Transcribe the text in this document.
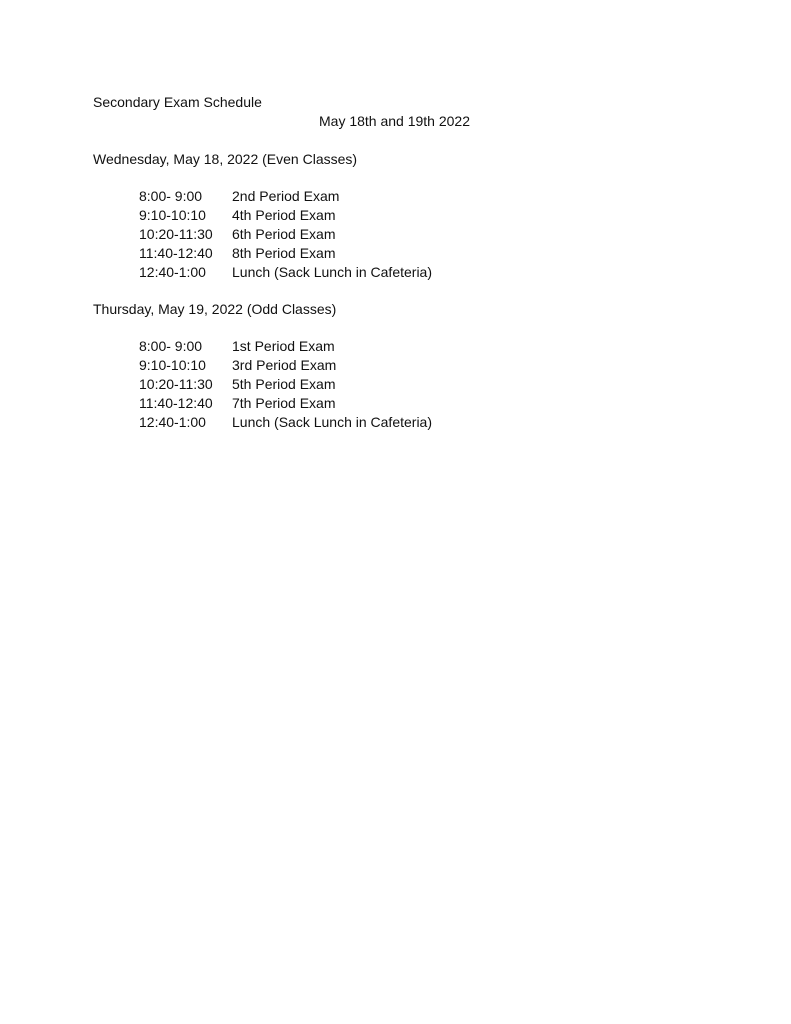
Secondary Exam Schedule
May 18th and 19th 2022
Wednesday, May 18, 2022 (Even Classes)
8:00- 9:00	2nd Period Exam
9:10-10:10	4th Period Exam
10:20-11:30	6th Period Exam
11:40-12:40	8th Period Exam
12:40-1:00	Lunch (Sack Lunch in Cafeteria)
Thursday, May 19, 2022 (Odd Classes)
8:00- 9:00	1st Period Exam
9:10-10:10	3rd Period Exam
10:20-11:30	5th Period Exam
11:40-12:40	7th Period Exam
12:40-1:00	Lunch (Sack Lunch in Cafeteria)
